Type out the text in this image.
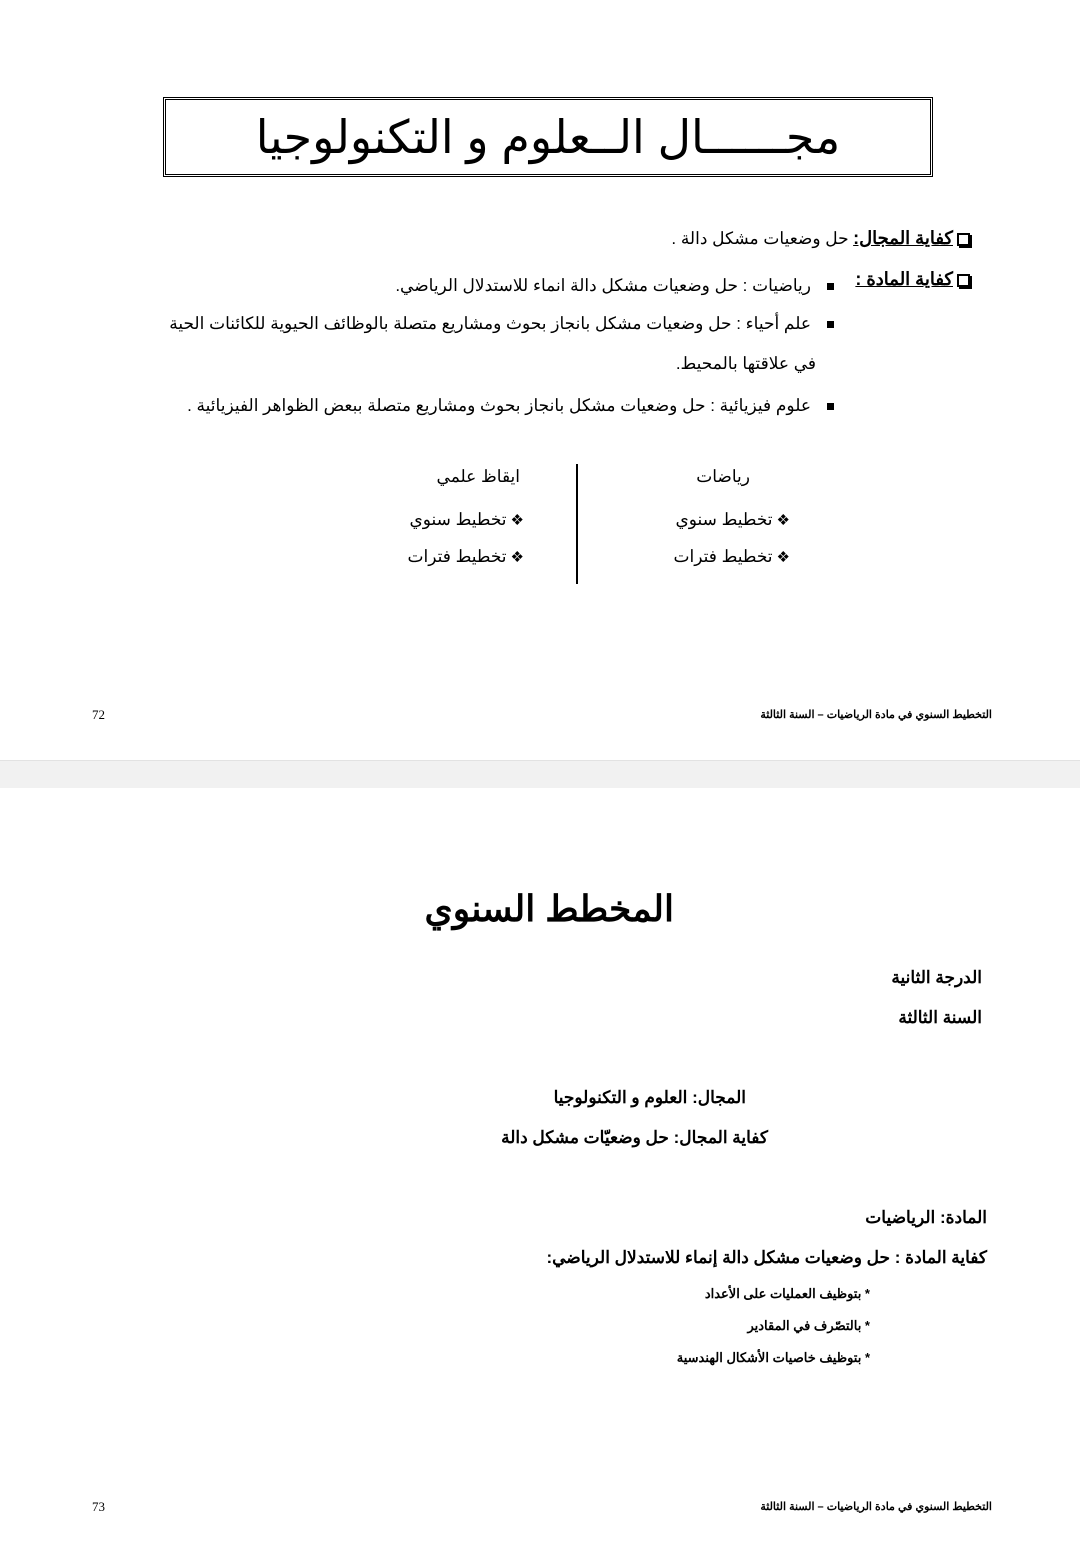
مجــــــال الــعلوم و التكنولوجيا
كفاية المجال: حل وضعيات مشكل دالة .
كفاية المادة :
رياضيات : حل وضعيات مشكل دالة انماء للاستدلال الرياضي.
علم أحياء : حل وضعيات مشكل بانجاز بحوث ومشاريع متصلة بالوظائف الحيوية للكائنات الحية
في علاقتها بالمحيط.
علوم فيزيائية : حل وضعيات مشكل بانجاز بحوث ومشاريع متصلة ببعض الظواهر الفيزيائية .
رياضات
❖تخطيط سنوي
❖تخطيط فترات
ايقاظ علمي
❖تخطيط سنوي
❖تخطيط فترات
التخطيط السنوي في مادة الرياضيات – السنة الثالثة
72
المخطط السنوي
الدرجة الثانية
السنة الثالثة
المجال: العلوم و التكنولوجيا
كفاية المجال: حل وضعيّات مشكل دالة
المادة: الرياضيات
كفاية المادة : حل وضعيات مشكل دالة إنماء للاستدلال الرياضي:
* بتوظيف العمليات على الأعداد
* بالتصّرف في المقادير
* بتوظيف خاصيات الأشكال الهندسية
التخطيط السنوي في مادة الرياضيات – السنة الثالثة
73
